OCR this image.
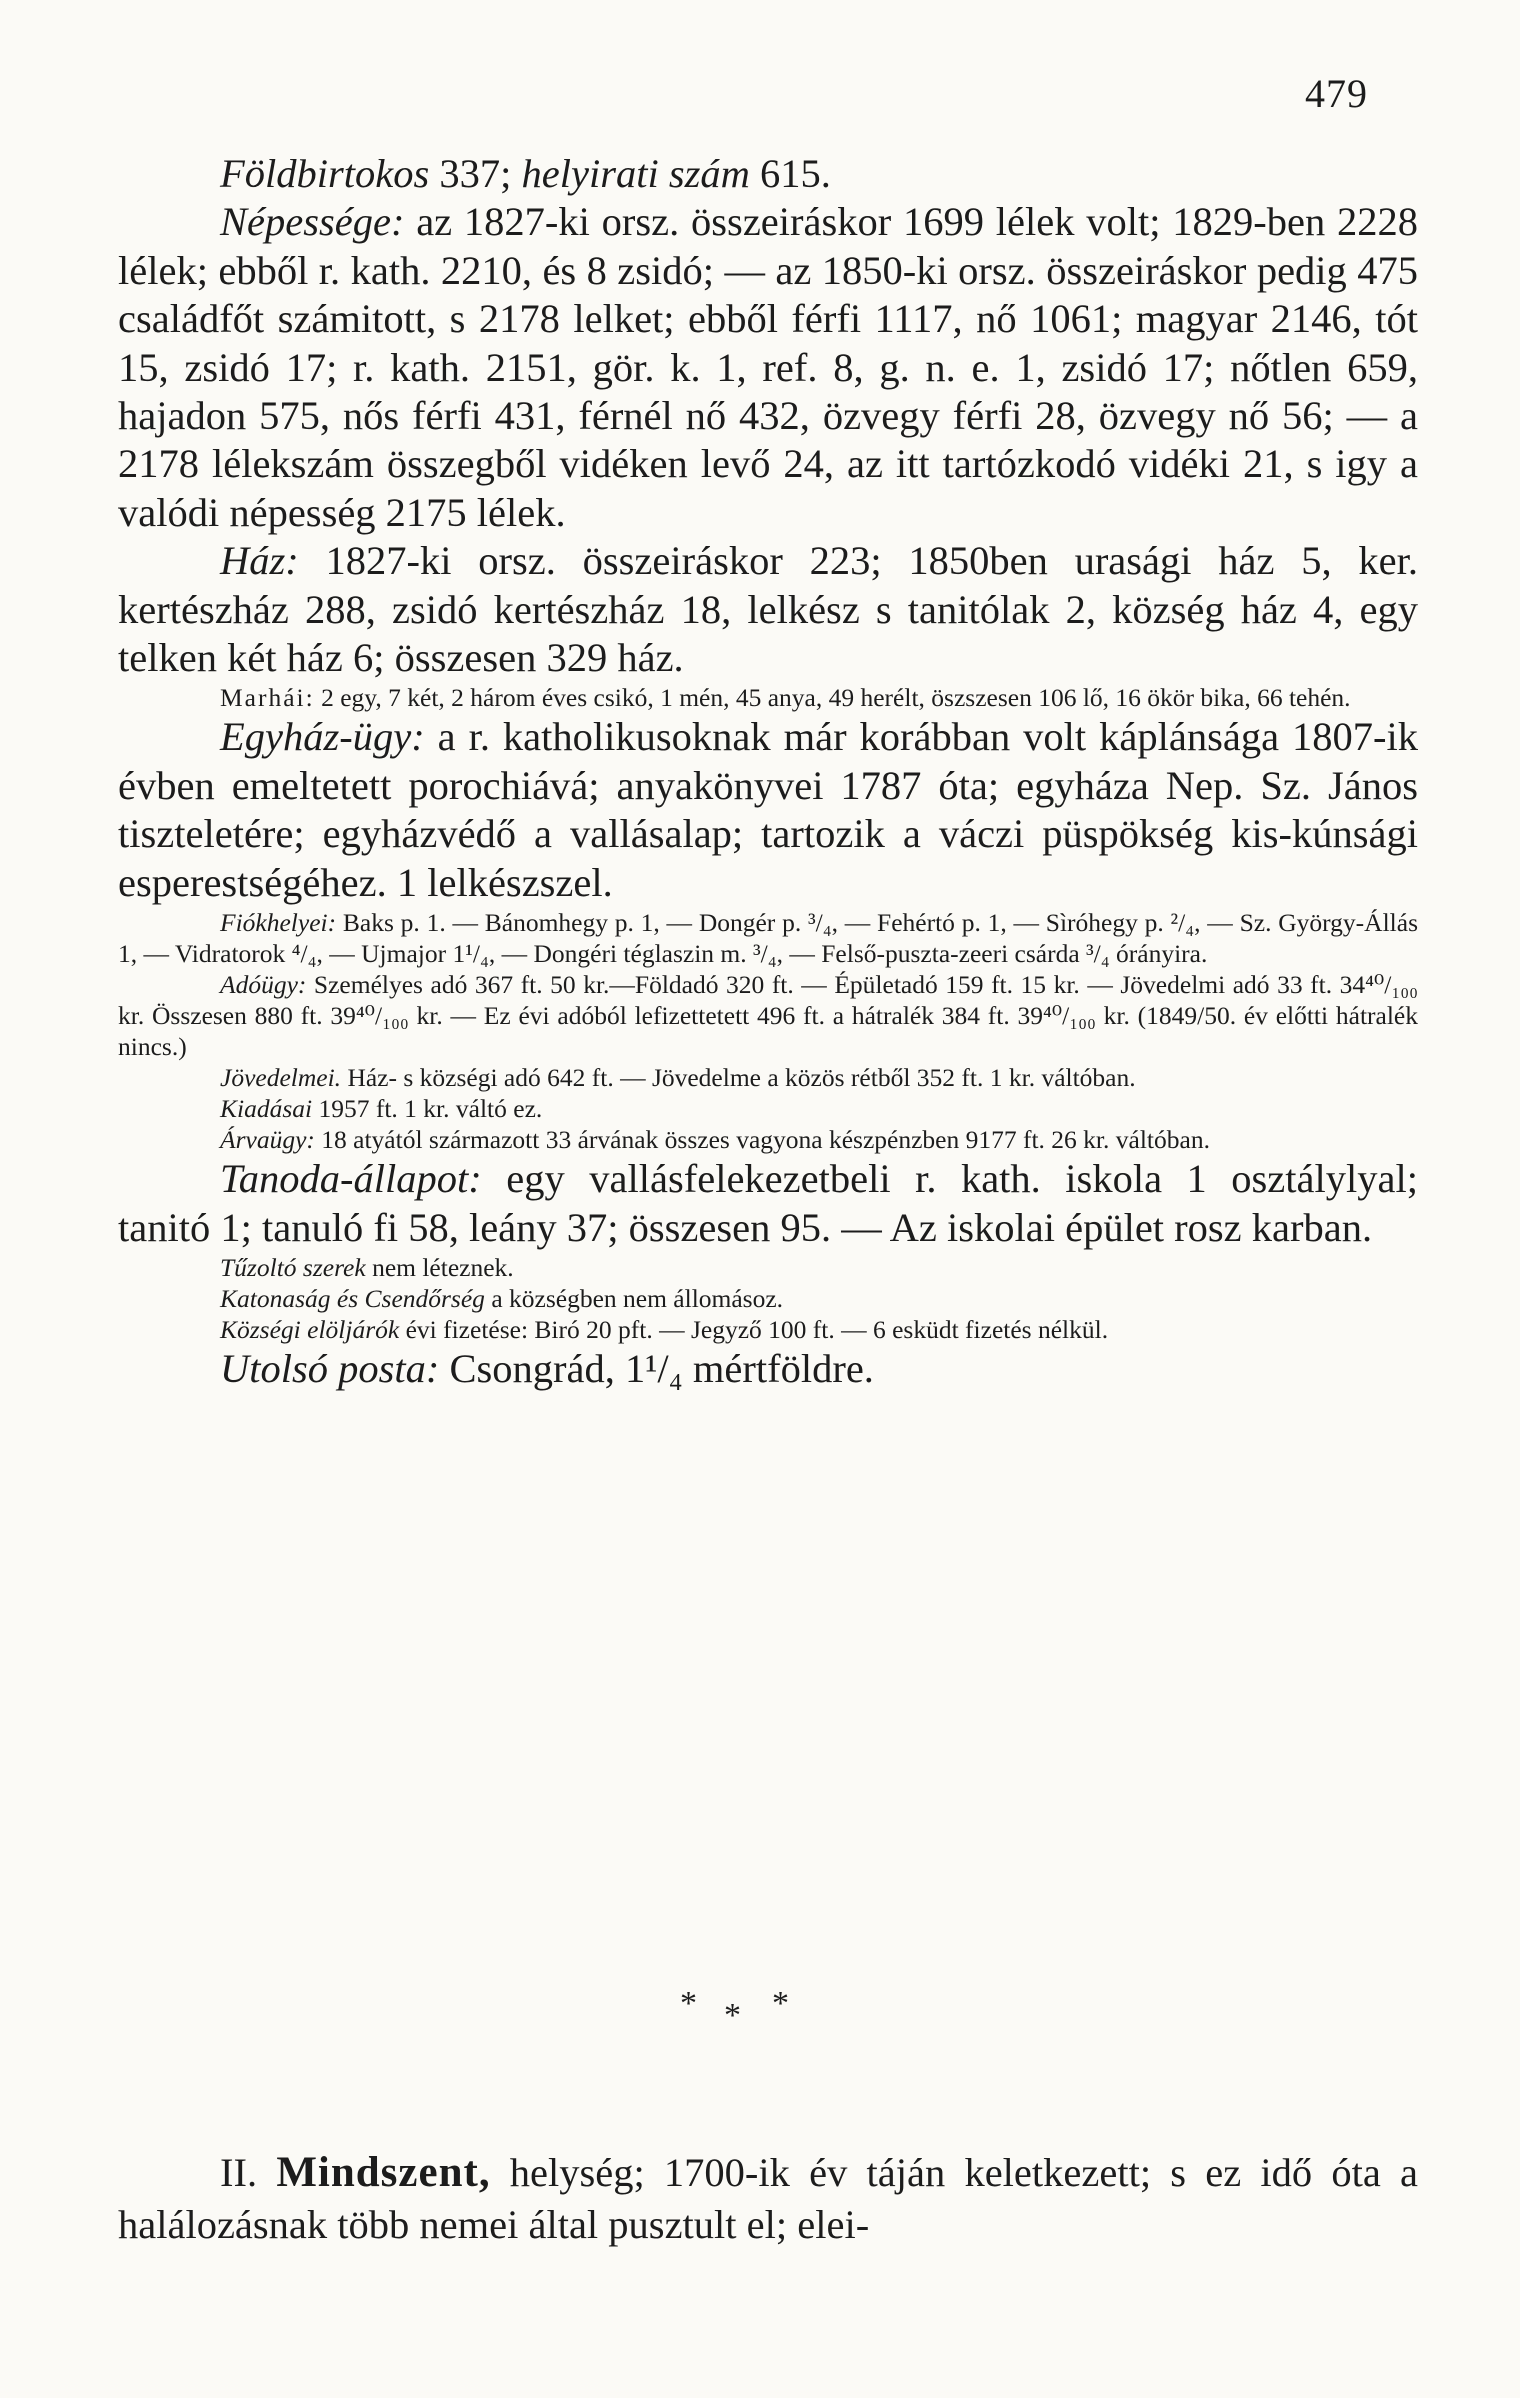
479

Földbirtokos 337; helyirati szám 615.

Népessége: az 1827-ki orsz. összeiráskor 1699 lélek volt; 1829-ben 2228 lélek; ebből r. kath. 2210, és 8 zsidó; — az 1850-ki orsz. összeiráskor pedig 475 családfőt számitott, s 2178 lelket; ebből férfi 1117, nő 1061; magyar 2146, tót 15, zsidó 17; r. kath. 2151, gör. k. 1, ref. 8, g. n. e. 1, zsidó 17; nőtlen 659, hajadon 575, nős férfi 431, férnél nő 432, özvegy férfi 28, özvegy nő 56; — a 2178 lélekszám összegből vidéken levő 24, az itt tartózkodó vidéki 21, s igy a valódi népesség 2175 lélek.

Ház: 1827-ki orsz. összeiráskor 223; 1850ben urasági ház 5, ker. kertészház 288, zsidó kertészház 18, lelkész s tanitólak 2, község ház 4, egy telken két ház 6; összesen 329 ház.

Marhái: 2 egy, 7 két, 2 három éves csikó, 1 mén, 45 anya, 49 herélt, öszszesen 106 lő, 16 ökör bika, 66 tehén.

Egyház-ügy: a r. katholikusoknak már korábban volt káplánsága 1807-ik évben emeltetett porochiává; anyakönyvei 1787 óta; egyháza Nep. Sz. János tiszteletére; egyházvédő a vallásalap; tartozik a váczi püspökség kis-kúnsági esperestségéhez. 1 lelkészszel.

Fiókhelyei: Baks p. 1. — Bánomhegy p. 1, — Dongér p. ³/₄, — Fehértó p. 1, — Sìróhegy p. ²/₄, — Sz. György-Állás 1, — Vidratorok ⁴/₄, — Ujmajor 1¹/₄, — Dongéri téglaszin m. ³/₄, — Felső-puszta-zeeri csárda ³/₄ órányira.

Adóügy: Személyes adó 367 ft. 50 kr.—Földadó 320 ft. — Épületadó 159 ft. 15 kr. — Jövedelmi adó 33 ft. 34⁴⁰/₁₀₀ kr. Összesen 880 ft. 39⁴⁰/₁₀₀ kr. — Ez évi adóból lefizettetett 496 ft. a hátralék 384 ft. 39⁴⁰/₁₀₀ kr. (1849/50. év előtti hátralék nincs.)

Jövedelmei. Ház- s községi adó 642 ft. — Jövedelme a közös rétből 352 ft. 1 kr. váltóban.

Kiadásai 1957 ft. 1 kr. váltó ez.

Árvaügy: 18 atyától származott 33 árvának összes vagyona készpénzben 9177 ft. 26 kr. váltóban.

Tanoda-állapot: egy vallásfelekezetbeli r. kath. iskola 1 osztálylyal; tanitó 1; tanuló fi 58, leány 37; összesen 95. — Az iskolai épület rosz karban.

Tűzoltó szerek nem léteznek.

Katonaság és Csendőrség a községben nem állomásoz.

Községi elöljárók évi fizetése: Biró 20 pft. — Jegyző 100 ft. — 6 esküdt fizetés nélkül.

Utolsó posta: Csongrád, 1¹/₄ mértföldre.

* * *

II. Mindszent, helység; 1700-ik év táján keletkezett; s ez idő óta a halálozásnak több nemei által pusztult el; elei-
